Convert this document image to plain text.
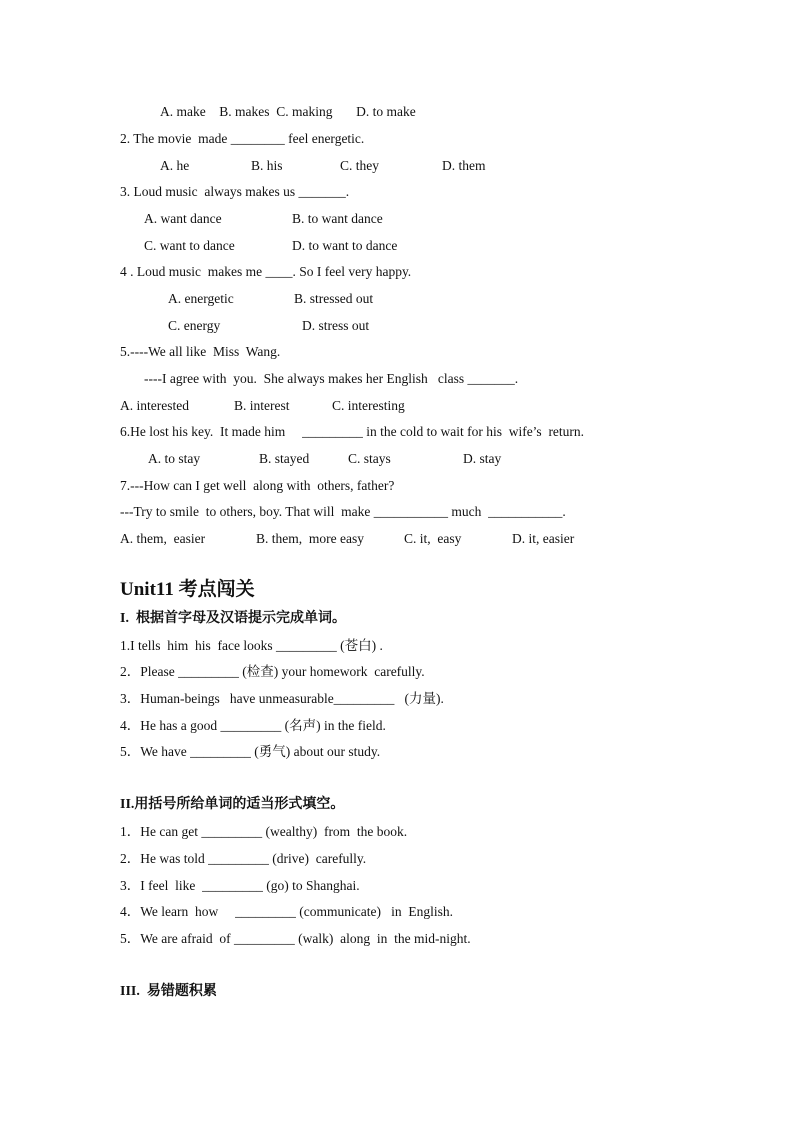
A. make    B. makes  C. making       D. to make
2. The movie  made ________ feel energetic.
A. he	B. his	C. they	D. them
3. Loud music  always makes us _______.
A. want dance	B. to want dance
C. want to dance	D. to want to dance
4 . Loud music  makes me ____. So I feel very happy.
A. energetic	B. stressed out
C. energy	D. stress out
5.----We all like  Miss  Wang.
----I agree with  you.  She always makes her English   class _______.
A. interested	B. interest	C. interesting
6.He lost his key.  It made him     _________ in the cold to wait for his  wife’s  return.
A. to stay	B. stayed	C. stays	D. stay
7.---How can I get well  along with  others, father?
---Try to smile  to others, boy. That will  make ___________ much  ___________.
A. them,  easier	B. them,  more easy	C. it,  easy	D. it, easier
Unit11 考点闯关
I.  根据首字母及汉语提示完成单词。
1.I tells  him  his  face looks _________ (苍白) .
2．Please _________ (检查) your homework  carefully.
3．Human-beings   have unmeasurable_________   (力量).
4．He has a good _________ (名声) in the field.
5．We have _________ (勇气) about our study.
II.用括号所给单词的适当形式填空。
1．He can get _________ (wealthy)  from  the book.
2．He was told _________ (drive)  carefully.
3．I feel  like  _________ (go) to Shanghai.
4．We learn  how     _________ (communicate)   in  English.
5．We are afraid  of _________ (walk)  along  in  the mid-night.
III.  易错题积累
